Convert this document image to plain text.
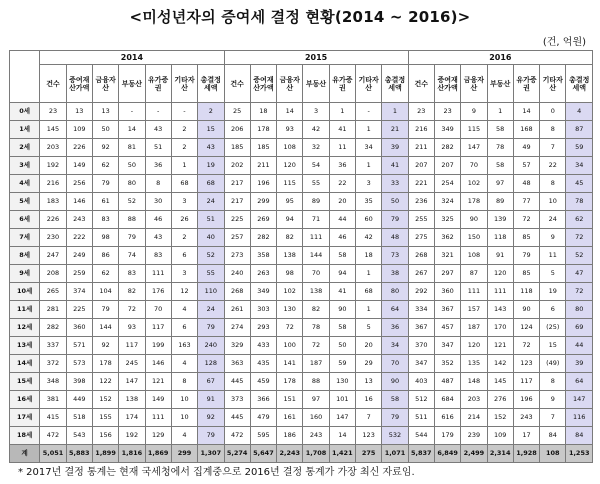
<미성년자의 증여세 결정 현황(2014 ~ 2016)>
(건, 억원)
	2014							2015							2016						
	건수	증여재산가액	금융자산	부동산	유가증권	기타자산	총결정세액	건수	증여재산가액	금융자산	부동산	유가증권	기타자산	총결정세액	건수	증여재산가액	금융자산	부동산	유가증권	기타자산	총결정세액
0세	23	13	13	-	-	-	2	25	18	14	3	1	-	1	23	23	9	1	14	0	4
1세	145	109	50	14	43	2	15	206	178	93	42	41	1	21	216	349	115	58	168	8	87
2세	203	226	92	81	51	2	43	185	185	108	32	11	34	39	211	282	147	78	49	7	59
3세	192	149	62	50	36	1	19	202	211	120	54	36	1	41	207	207	70	58	57	22	34
4세	216	256	79	80	8	68	68	217	196	115	55	22	3	33	221	254	102	97	48	8	45
5세	183	146	61	52	30	3	24	217	299	95	89	20	35	50	236	324	178	89	77	10	78
6세	226	243	83	88	46	26	51	225	269	94	71	44	60	79	255	325	90	139	72	24	62
7세	230	222	98	79	43	2	40	257	282	82	111	46	42	48	275	362	150	118	85	9	72
8세	247	249	86	74	83	6	52	273	358	138	144	58	18	73	268	321	108	91	79	11	52
9세	208	259	62	83	111	3	55	240	263	98	70	94	1	38	267	297	87	120	85	5	47
10세	265	374	104	82	176	12	110	268	349	102	138	41	68	80	292	360	111	111	118	19	72
11세	281	225	79	72	70	4	24	261	303	130	82	90	1	64	334	367	157	143	90	6	80
12세	282	360	144	93	117	6	79	274	293	72	78	58	5	36	367	457	187	170	124	(25)	69
13세	337	571	92	117	199	163	240	329	433	100	72	50	20	34	370	347	120	121	72	15	44
14세	372	573	178	245	146	4	128	363	435	141	187	59	29	70	347	352	135	142	123	(49)	39
15세	348	398	122	147	121	8	67	445	459	178	88	130	13	90	403	487	148	145	117	8	64
16세	381	449	152	138	149	10	91	373	366	151	97	101	16	58	512	684	203	276	196	9	147
17세	415	518	155	174	111	10	92	445	479	161	160	147	7	79	511	616	214	152	243	7	116
18세	472	543	156	192	129	4	79	472	595	186	243	14	123	532	544	179	239	109	17	84	84
계	5,051	5,883	1,899	1,816	1,869	299	1,307	5,274	5,647	2,243	1,708	1,421	275	1,071	5,837	6,849	2,499	2,314	1,928	108	1,253
* 2017년 결정 통계는 현재 국세청에서 집계중으로 2016년 결정 통계가 가장 최신 자료임.
